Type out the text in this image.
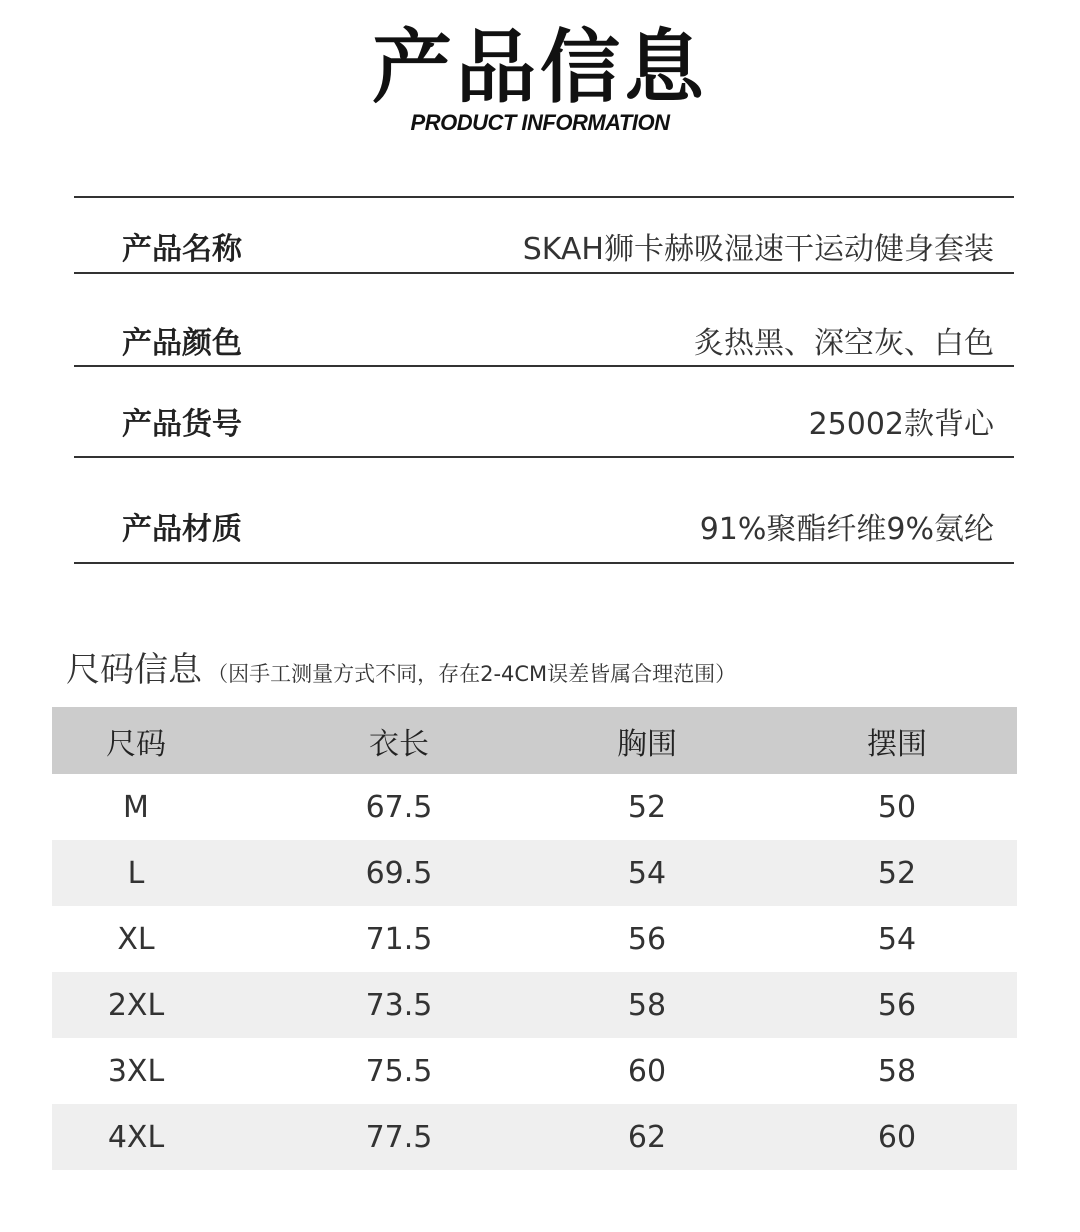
产品信息
PRODUCT INFORMATION
产品名称	SKAH狮卡赫吸湿速干运动健身套装
产品颜色	炙热黑、深空灰、白色
产品货号	25002款背心
产品材质	91%聚酯纤维9%氨纶
尺码信息 （因手工测量方式不同，存在2-4CM误差皆属合理范围）
尺码	衣长	胸围	摆围
M	67.5	52	50
L	69.5	54	52
XL	71.5	56	54
2XL	73.5	58	56
3XL	75.5	60	58
4XL	77.5	62	60
